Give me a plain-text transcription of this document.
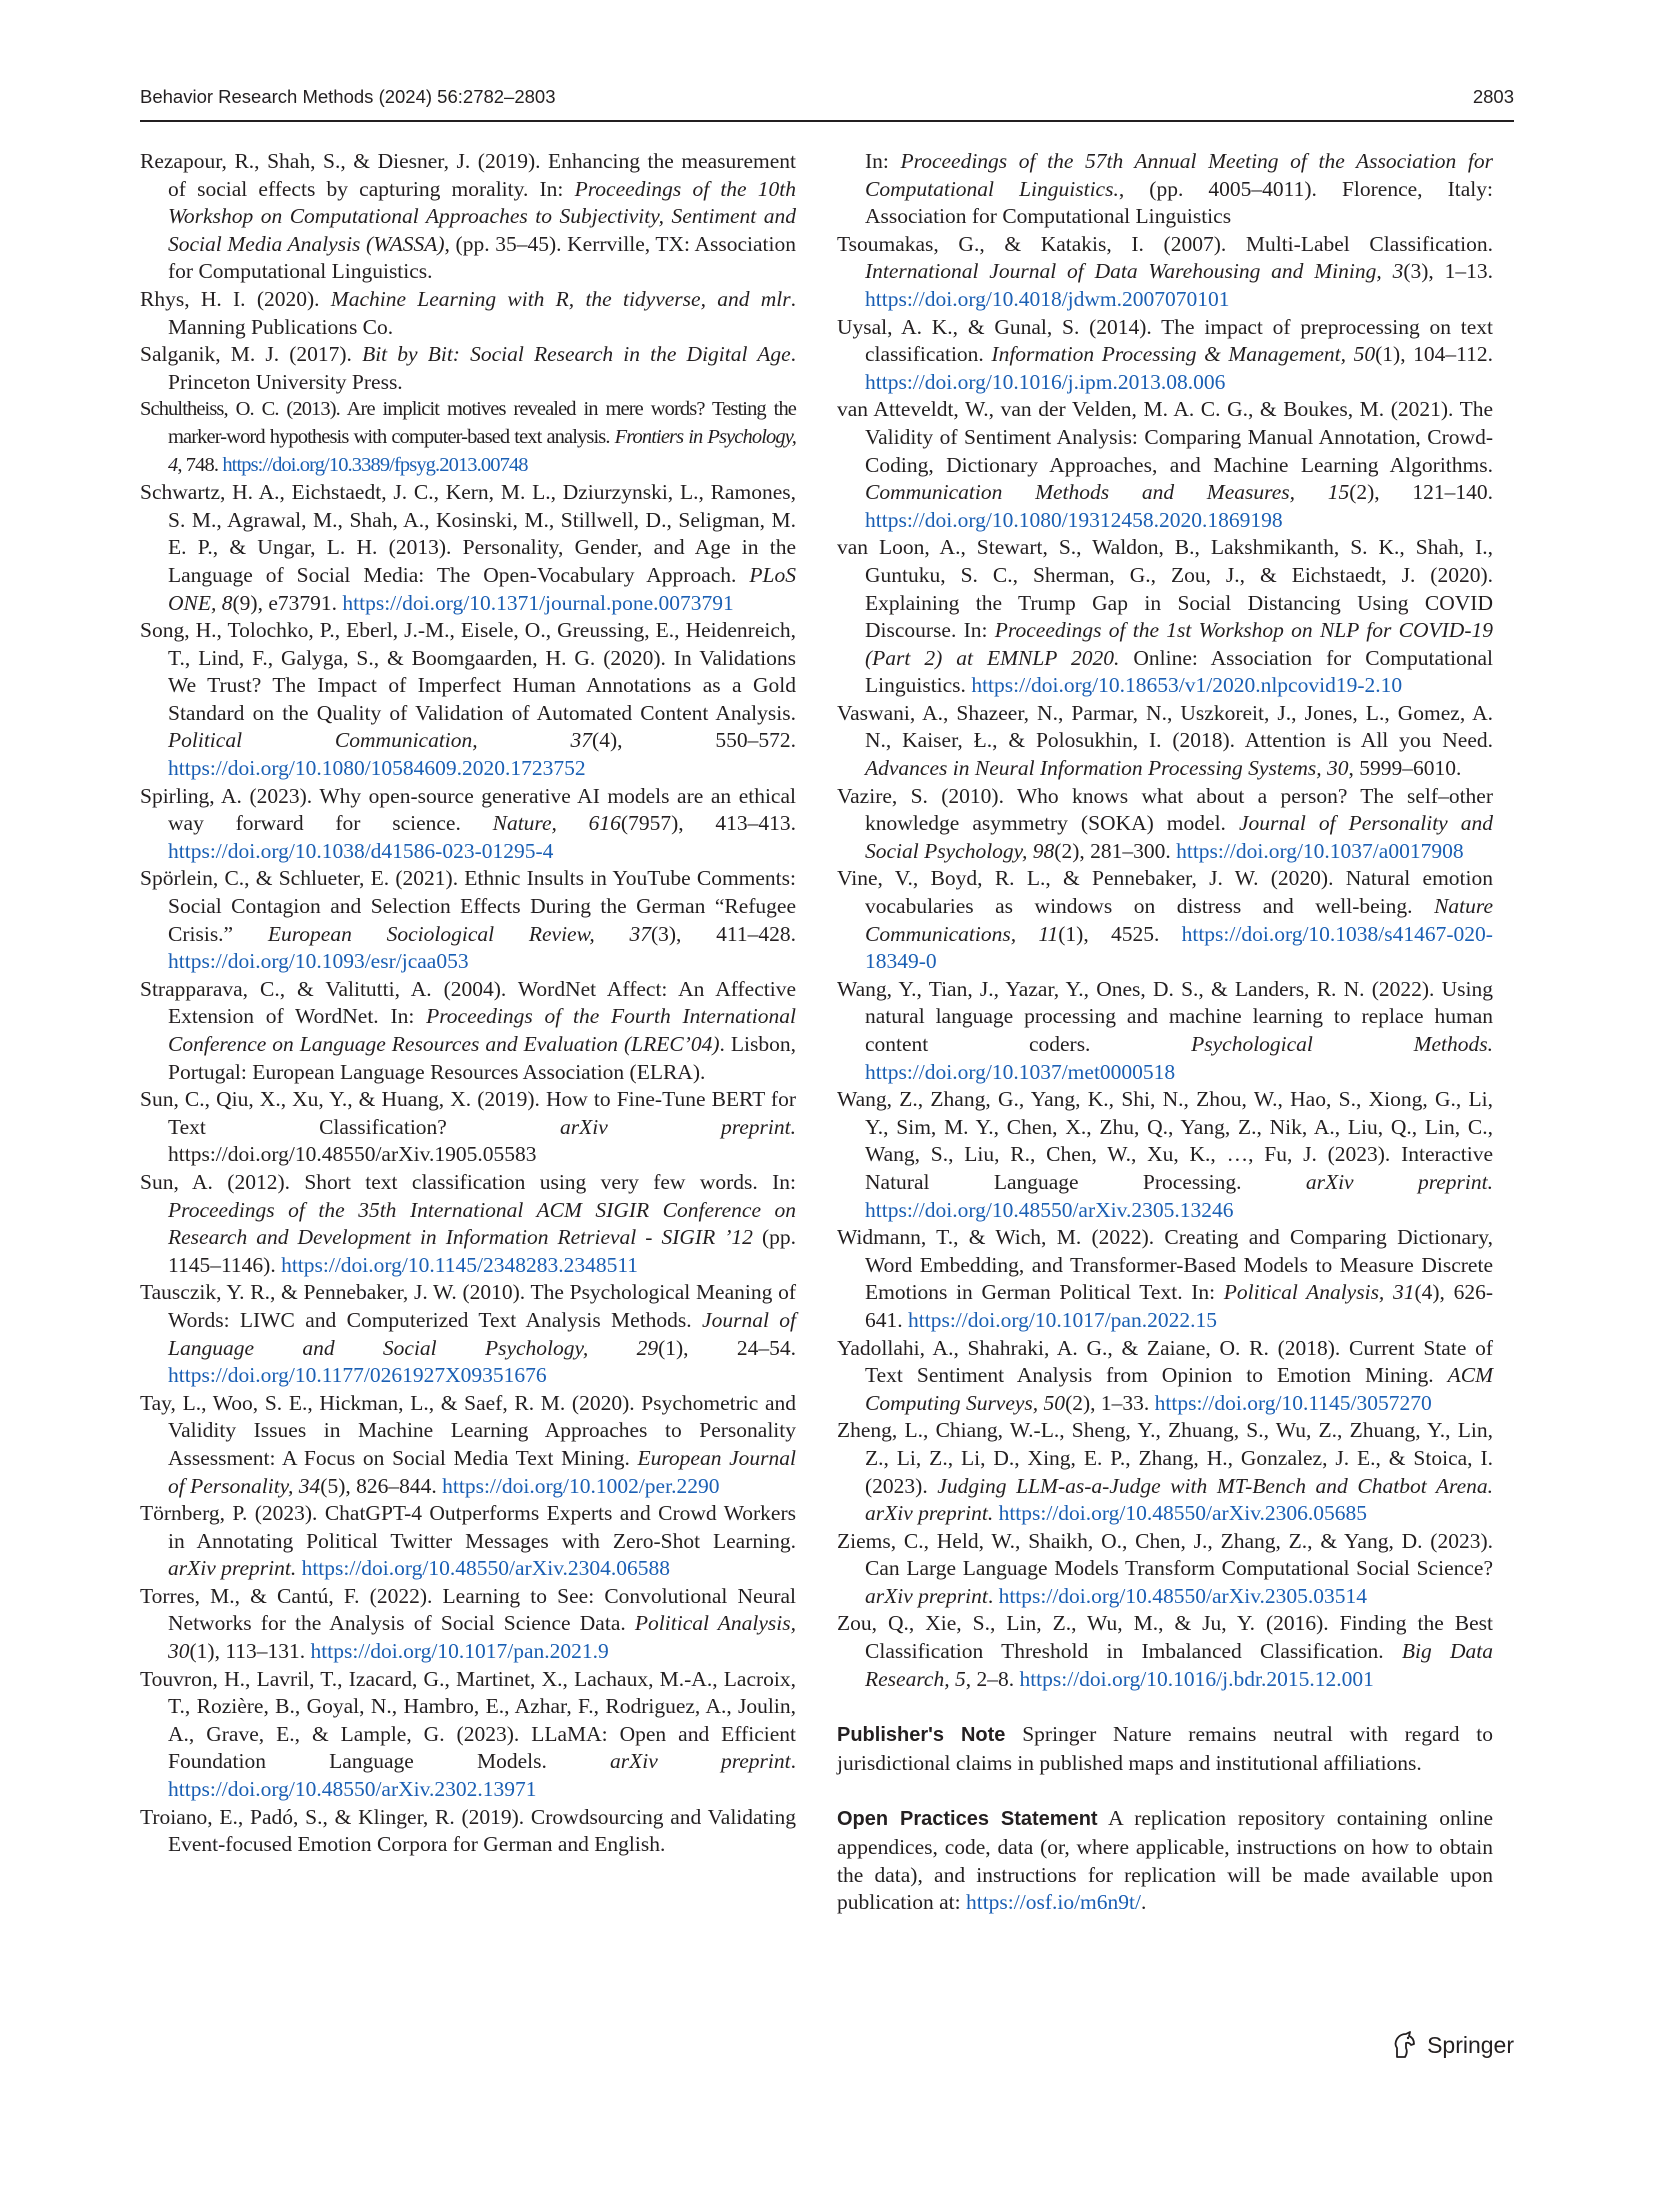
Behavior Research Methods (2024) 56:2782–2803	2803

Rezapour, R., Shah, S., & Diesner, J. (2019). Enhancing the measurement of social effects by capturing morality. In: Proceedings of the 10th Workshop on Computational Approaches to Subjectivity, Sentiment and Social Media Analysis (WASSA), (pp. 35–45). Kerrville, TX: Association for Computational Linguistics.

Rhys, H. I. (2020). Machine Learning with R, the tidyverse, and mlr. Manning Publications Co.

Salganik, M. J. (2017). Bit by Bit: Social Research in the Digital Age. Princeton University Press.

Schultheiss, O. C. (2013). Are implicit motives revealed in mere words? Testing the marker-word hypothesis with computer-based text analysis. Frontiers in Psychology, 4, 748. https://doi.org/10.3389/fpsyg.2013.00748

Schwartz, H. A., Eichstaedt, J. C., Kern, M. L., Dziurzynski, L., Ramones, S. M., Agrawal, M., Shah, A., Kosinski, M., Stillwell, D., Seligman, M. E. P., & Ungar, L. H. (2013). Personality, Gender, and Age in the Language of Social Media: The Open-Vocabulary Approach. PLoS ONE, 8(9), e73791. https://doi.org/10.1371/journal.pone.0073791

Song, H., Tolochko, P., Eberl, J.-M., Eisele, O., Greussing, E., Heidenreich, T., Lind, F., Galyga, S., & Boomgaarden, H. G. (2020). In Validations We Trust? The Impact of Imperfect Human Annotations as a Gold Standard on the Quality of Validation of Automated Content Analysis. Political Communication, 37(4), 550–572. https://doi.org/10.1080/10584609.2020.1723752

Spirling, A. (2023). Why open-source generative AI models are an ethical way forward for science. Nature, 616(7957), 413–413. https://doi.org/10.1038/d41586-023-01295-4

Spörlein, C., & Schlueter, E. (2021). Ethnic Insults in YouTube Comments: Social Contagion and Selection Effects During the German “Refugee Crisis.” European Sociological Review, 37(3), 411–428. https://doi.org/10.1093/esr/jcaa053

Strapparava, C., & Valitutti, A. (2004). WordNet Affect: An Affective Extension of WordNet. In: Proceedings of the Fourth International Conference on Language Resources and Evaluation (LREC’04). Lisbon, Portugal: European Language Resources Association (ELRA).

Sun, C., Qiu, X., Xu, Y., & Huang, X. (2019). How to Fine-Tune BERT for Text Classification? arXiv preprint. https://doi.org/10.48550/arXiv.1905.05583

Sun, A. (2012). Short text classification using very few words. In: Proceedings of the 35th International ACM SIGIR Conference on Research and Development in Information Retrieval - SIGIR ’12 (pp. 1145–1146). https://doi.org/10.1145/2348283.2348511

Tausczik, Y. R., & Pennebaker, J. W. (2010). The Psychological Meaning of Words: LIWC and Computerized Text Analysis Methods. Journal of Language and Social Psychology, 29(1), 24–54. https://doi.org/10.1177/0261927X09351676

Tay, L., Woo, S. E., Hickman, L., & Saef, R. M. (2020). Psychometric and Validity Issues in Machine Learning Approaches to Personality Assessment: A Focus on Social Media Text Mining. European Journal of Personality, 34(5), 826–844. https://doi.org/10.1002/per.2290

Törnberg, P. (2023). ChatGPT-4 Outperforms Experts and Crowd Workers in Annotating Political Twitter Messages with Zero-Shot Learning. arXiv preprint. https://doi.org/10.48550/arXiv.2304.06588

Torres, M., & Cantú, F. (2022). Learning to See: Convolutional Neural Networks for the Analysis of Social Science Data. Political Analysis, 30(1), 113–131. https://doi.org/10.1017/pan.2021.9

Touvron, H., Lavril, T., Izacard, G., Martinet, X., Lachaux, M.-A., Lacroix, T., Rozière, B., Goyal, N., Hambro, E., Azhar, F., Rodriguez, A., Joulin, A., Grave, E., & Lample, G. (2023). LLaMA: Open and Efficient Foundation Language Models. arXiv preprint. https://doi.org/10.48550/arXiv.2302.13971

Troiano, E., Padó, S., & Klinger, R. (2019). Crowdsourcing and Validating Event-focused Emotion Corpora for German and English.

In: Proceedings of the 57th Annual Meeting of the Association for Computational Linguistics., (pp. 4005–4011). Florence, Italy: Association for Computational Linguistics

Tsoumakas, G., & Katakis, I. (2007). Multi-Label Classification. International Journal of Data Warehousing and Mining, 3(3), 1–13. https://doi.org/10.4018/jdwm.2007070101

Uysal, A. K., & Gunal, S. (2014). The impact of preprocessing on text classification. Information Processing & Management, 50(1), 104–112. https://doi.org/10.1016/j.ipm.2013.08.006

van Atteveldt, W., van der Velden, M. A. C. G., & Boukes, M. (2021). The Validity of Sentiment Analysis: Comparing Manual Annotation, Crowd-Coding, Dictionary Approaches, and Machine Learning Algorithms. Communication Methods and Measures, 15(2), 121–140. https://doi.org/10.1080/19312458.2020.1869198

van Loon, A., Stewart, S., Waldon, B., Lakshmikanth, S. K., Shah, I., Guntuku, S. C., Sherman, G., Zou, J., & Eichstaedt, J. (2020). Explaining the Trump Gap in Social Distancing Using COVID Discourse. In: Proceedings of the 1st Workshop on NLP for COVID-19 (Part 2) at EMNLP 2020. Online: Association for Computational Linguistics. https://doi.org/10.18653/v1/2020.nlpcovid19-2.10

Vaswani, A., Shazeer, N., Parmar, N., Uszkoreit, J., Jones, L., Gomez, A. N., Kaiser, Ł., & Polosukhin, I. (2018). Attention is All you Need. Advances in Neural Information Processing Systems, 30, 5999–6010.

Vazire, S. (2010). Who knows what about a person? The self–other knowledge asymmetry (SOKA) model. Journal of Personality and Social Psychology, 98(2), 281–300. https://doi.org/10.1037/a0017908

Vine, V., Boyd, R. L., & Pennebaker, J. W. (2020). Natural emotion vocabularies as windows on distress and well-being. Nature Communications, 11(1), 4525. https://doi.org/10.1038/s41467-020-18349-0

Wang, Y., Tian, J., Yazar, Y., Ones, D. S., & Landers, R. N. (2022). Using natural language processing and machine learning to replace human content coders. Psychological Methods. https://doi.org/10.1037/met0000518

Wang, Z., Zhang, G., Yang, K., Shi, N., Zhou, W., Hao, S., Xiong, G., Li, Y., Sim, M. Y., Chen, X., Zhu, Q., Yang, Z., Nik, A., Liu, Q., Lin, C., Wang, S., Liu, R., Chen, W., Xu, K., …, Fu, J. (2023). Interactive Natural Language Processing. arXiv preprint. https://doi.org/10.48550/arXiv.2305.13246

Widmann, T., & Wich, M. (2022). Creating and Comparing Dictionary, Word Embedding, and Transformer-Based Models to Measure Discrete Emotions in German Political Text. In: Political Analysis, 31(4), 626-641. https://doi.org/10.1017/pan.2022.15

Yadollahi, A., Shahraki, A. G., & Zaiane, O. R. (2018). Current State of Text Sentiment Analysis from Opinion to Emotion Mining. ACM Computing Surveys, 50(2), 1–33. https://doi.org/10.1145/3057270

Zheng, L., Chiang, W.-L., Sheng, Y., Zhuang, S., Wu, Z., Zhuang, Y., Lin, Z., Li, Z., Li, D., Xing, E. P., Zhang, H., Gonzalez, J. E., & Stoica, I. (2023). Judging LLM-as-a-Judge with MT-Bench and Chatbot Arena. arXiv preprint. https://doi.org/10.48550/arXiv.2306.05685

Ziems, C., Held, W., Shaikh, O., Chen, J., Zhang, Z., & Yang, D. (2023). Can Large Language Models Transform Computational Social Science? arXiv preprint. https://doi.org/10.48550/arXiv.2305.03514

Zou, Q., Xie, S., Lin, Z., Wu, M., & Ju, Y. (2016). Finding the Best Classification Threshold in Imbalanced Classification. Big Data Research, 5, 2–8. https://doi.org/10.1016/j.bdr.2015.12.001

Publisher's Note Springer Nature remains neutral with regard to jurisdictional claims in published maps and institutional affiliations.

Open Practices Statement A replication repository containing online appendices, code, data (or, where applicable, instructions on how to obtain the data), and instructions for replication will be made available upon publication at: https://osf.io/m6n9t/.

Springer
